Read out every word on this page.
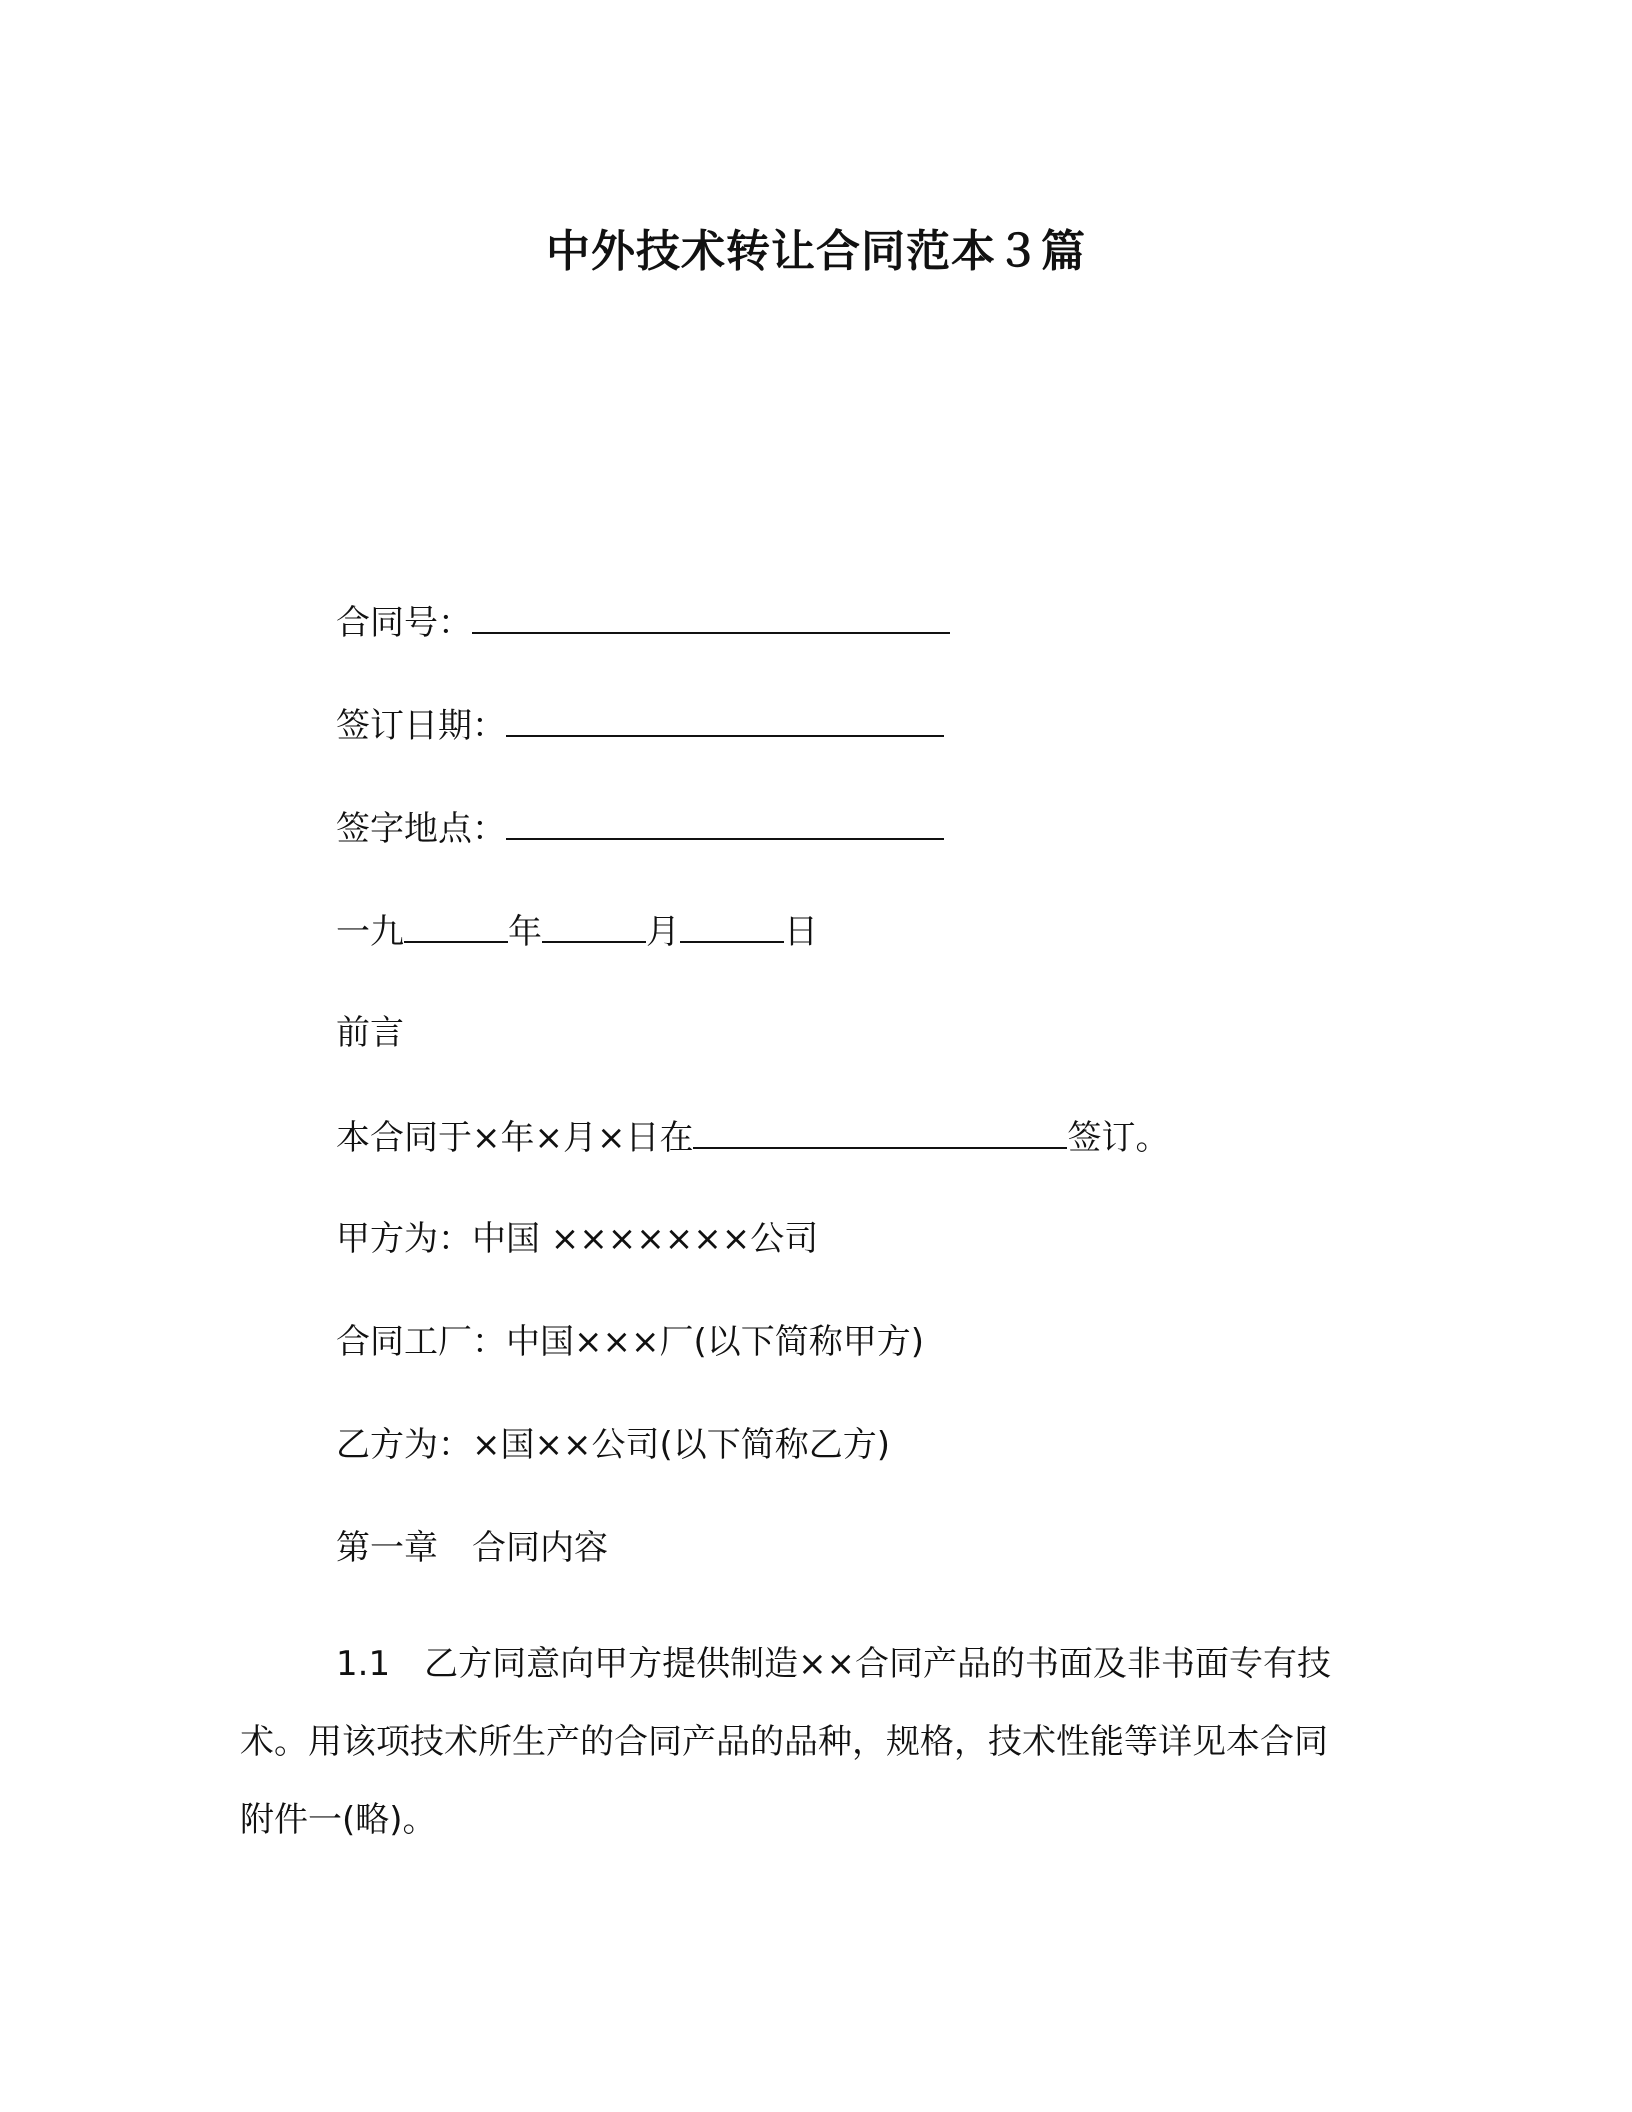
中外技术转让合同范本３篇
合同号：
签订日期：
签字地点：
一九	年	月	日
前言
本合同于×年×月×日在	签订。
甲方为：中国 ×××××××公司
合同工厂：中国×××厂(以下简称甲方)
乙方为：×国××公司(以下简称乙方)
第一章　合同内容
1.1　乙方同意向甲方提供制造××合同产品的书面及非书面专有技术。用该项技术所生产的合同产品的品种，规格，技术性能等详见本合同附件一(略)。
